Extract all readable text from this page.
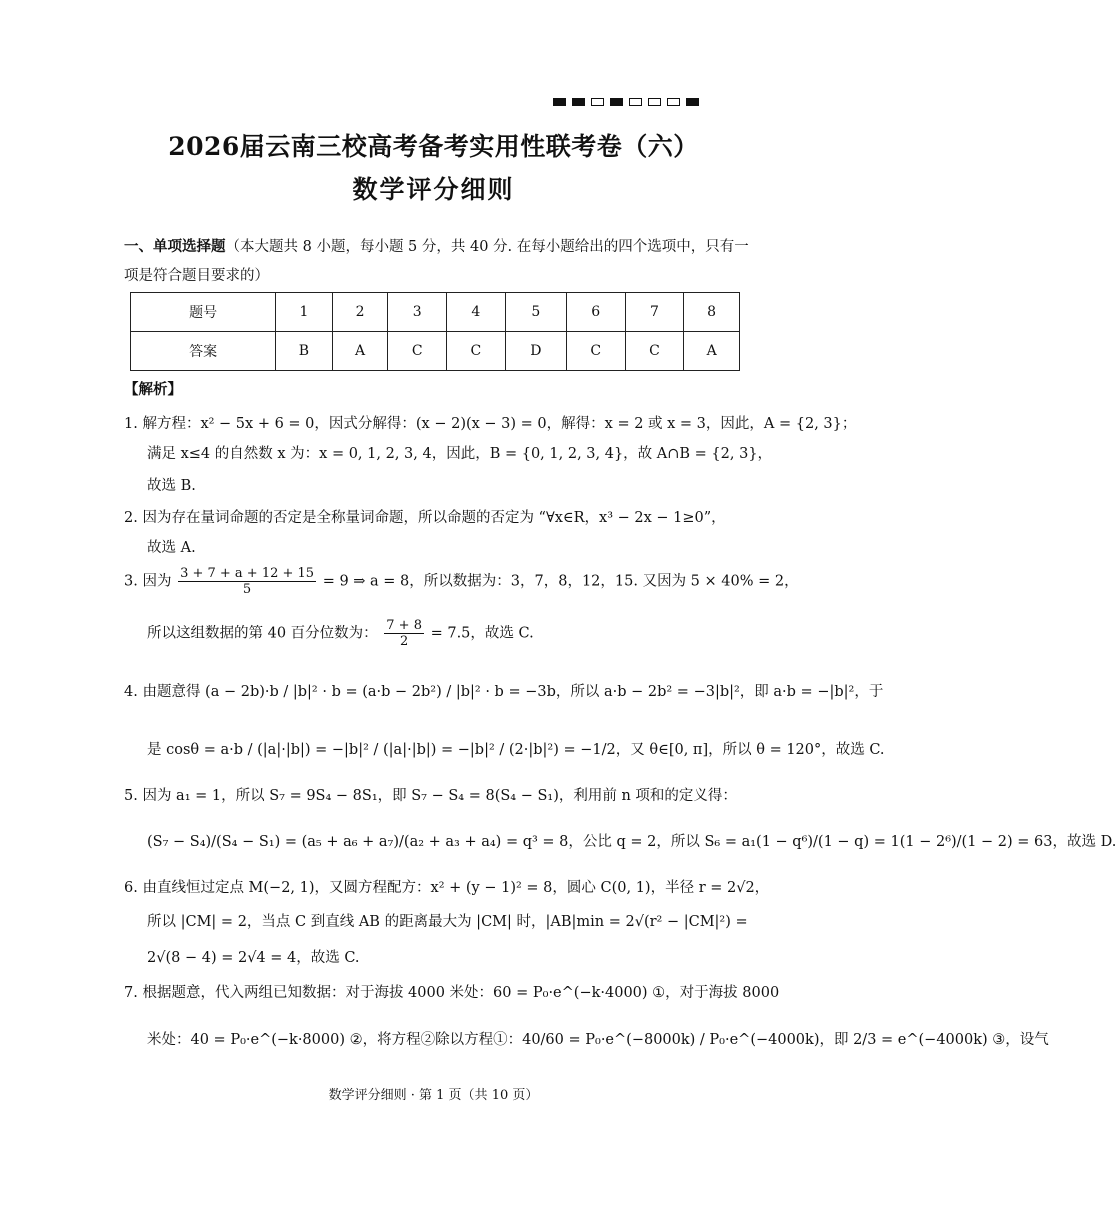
2026届云南三校高考备考实用性联考卷（六）
数学评分细则
一、单项选择题（本大题共 8 小题，每小题 5 分，共 40 分. 在每小题给出的四个选项中，只有一项是符合题目要求的）
题号	1	2	3	4	5	6	7	8
答案	B	A	C	C	D	C	C	A
【解析】
1. 解方程：x² − 5x + 6 = 0，因式分解得：(x − 2)(x − 3) = 0，解得：x = 2 或 x = 3，因此，A = {2, 3}；
满足 x≤4 的自然数 x 为：x = 0, 1, 2, 3, 4，因此，B = {0, 1, 2, 3, 4}，故 A∩B = {2, 3}，
故选 B.
2. 因为存在量词命题的否定是全称量词命题，所以命题的否定为 “∀x∈R，x³ − 2x − 1≥0”，
故选 A.
3. 因为 $\frac{3 + 7 + a + 12 + 15}{5} = 9$ ⇒ a = 8，所以数据为：3，7，8，12，15. 又因为 5 × 40% = 2，
所以这组数据的第 40 百分位数为： $\frac{7 + 8}{2} = 7.5$，故选 C.
4. 由题意得 (a − 2b)·b / |b|² · b = (a·b − 2b²) / |b|² · b = −3b，所以 a·b − 2b² = −3|b|²，即 a·b = −|b|²，于
是 cosθ = a·b / (|a|·|b|) = −|b|² / (|a|·|b|) = −|b|² / (2·|b|²) = −1/2，又 θ∈[0, π]，所以 θ = 120°，故选 C.
5. 因为 a₁ = 1，所以 S₇ = 9S₄ − 8S₁，即 S₇ − S₄ = 8(S₄ − S₁)，利用前 n 项和的定义得：
(S₇ − S₄)/(S₄ − S₁) = (a₅ + a₆ + a₇)/(a₂ + a₃ + a₄) = q³ = 8，公比 q = 2，所以 S₆ = a₁(1 − q⁶)/(1 − q) = 1(1 − 2⁶)/(1 − 2) = 63，故选 D.
6. 由直线恒过定点 M(−2, 1)，又圆方程配方：x² + (y − 1)² = 8，圆心 C(0, 1)，半径 r = 2√2，
所以 |CM| = 2，当点 C 到直线 AB 的距离最大为 |CM| 时，|AB|min = 2√(r² − |CM|²) =
2√(8 − 4) = 2√4 = 4，故选 C.
7. 根据题意，代入两组已知数据：对于海拔 4000 米处：60 = P₀·e^(−k·4000) ①，对于海拔 8000
米处：40 = P₀·e^(−k·8000) ②，将方程②除以方程①：40/60 = P₀·e^(−8000k) / P₀·e^(−4000k)，即 2/3 = e^(−4000k) ③，设气
数学评分细则 · 第 1 页（共 10 页）
